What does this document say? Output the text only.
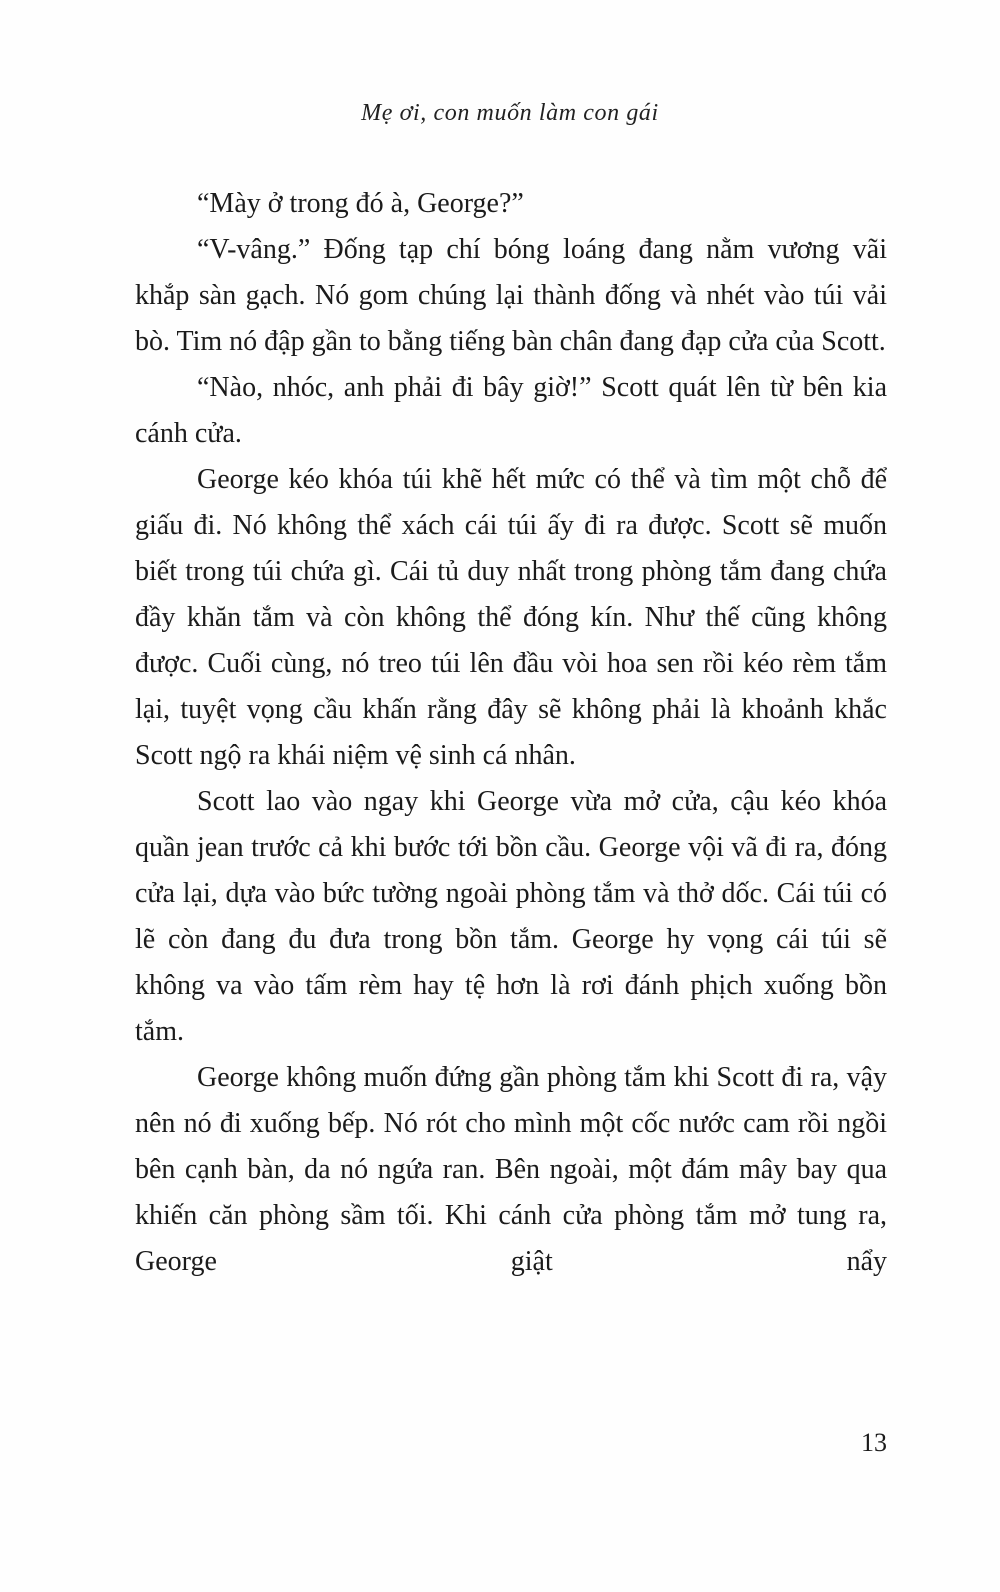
Mẹ ơi, con muốn làm con gái

“Mày ở trong đó à, George?”

“V-vâng.” Đống tạp chí bóng loáng đang nằm vương vãi khắp sàn gạch. Nó gom chúng lại thành đống và nhét vào túi vải bò. Tim nó đập gần to bằng tiếng bàn chân đang đạp cửa của Scott.

“Nào, nhóc, anh phải đi bây giờ!” Scott quát lên từ bên kia cánh cửa.

George kéo khóa túi khẽ hết mức có thể và tìm một chỗ để giấu đi. Nó không thể xách cái túi ấy đi ra được. Scott sẽ muốn biết trong túi chứa gì. Cái tủ duy nhất trong phòng tắm đang chứa đầy khăn tắm và còn không thể đóng kín. Như thế cũng không được. Cuối cùng, nó treo túi lên đầu vòi hoa sen rồi kéo rèm tắm lại, tuyệt vọng cầu khấn rằng đây sẽ không phải là khoảnh khắc Scott ngộ ra khái niệm vệ sinh cá nhân.

Scott lao vào ngay khi George vừa mở cửa, cậu kéo khóa quần jean trước cả khi bước tới bồn cầu. George vội vã đi ra, đóng cửa lại, dựa vào bức tường ngoài phòng tắm và thở dốc. Cái túi có lẽ còn đang đu đưa trong bồn tắm. George hy vọng cái túi sẽ không va vào tấm rèm hay tệ hơn là rơi đánh phịch xuống bồn tắm.

George không muốn đứng gần phòng tắm khi Scott đi ra, vậy nên nó đi xuống bếp. Nó rót cho mình một cốc nước cam rồi ngồi bên cạnh bàn, da nó ngứa ran. Bên ngoài, một đám mây bay qua khiến căn phòng sầm tối. Khi cánh cửa phòng tắm mở tung ra, George giật nẩy

13
